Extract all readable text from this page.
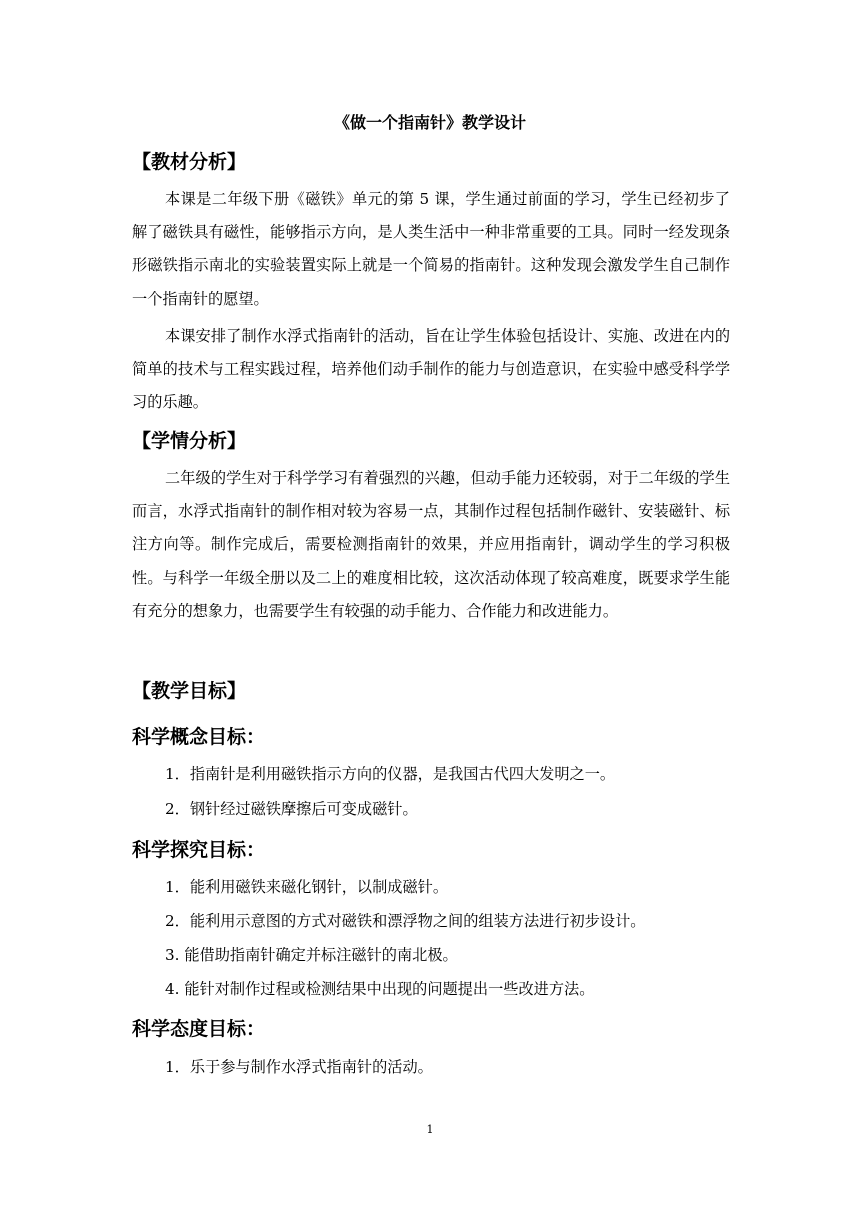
《做一个指南针》教学设计
【教材分析】
本课是二年级下册《磁铁》单元的第 5 课，学生通过前面的学习，学生已经初步了解了磁铁具有磁性，能够指示方向，是人类生活中一种非常重要的工具。同时一经发现条形磁铁指示南北的实验装置实际上就是一个简易的指南针。这种发现会激发学生自己制作一个指南针的愿望。
本课安排了制作水浮式指南针的活动，旨在让学生体验包括设计、实施、改进在内的简单的技术与工程实践过程，培养他们动手制作的能力与创造意识，在实验中感受科学学习的乐趣。
【学情分析】
二年级的学生对于科学学习有着强烈的兴趣，但动手能力还较弱，对于二年级的学生而言，水浮式指南针的制作相对较为容易一点，其制作过程包括制作磁针、安装磁针、标注方向等。制作完成后，需要检测指南针的效果，并应用指南针，调动学生的学习积极性。与科学一年级全册以及二上的难度相比较，这次活动体现了较高难度，既要求学生能有充分的想象力，也需要学生有较强的动手能力、合作能力和改进能力。
【教学目标】
科学概念目标：
1．指南针是利用磁铁指示方向的仪器，是我国古代四大发明之一。
2．钢针经过磁铁摩擦后可变成磁针。
科学探究目标：
1．能利用磁铁来磁化钢针，以制成磁针。
2．能利用示意图的方式对磁铁和漂浮物之间的组装方法进行初步设计。
3. 能借助指南针确定并标注磁针的南北极。
4. 能针对制作过程或检测结果中出现的问题提出一些改进方法。
科学态度目标：
1．乐于参与制作水浮式指南针的活动。
1
